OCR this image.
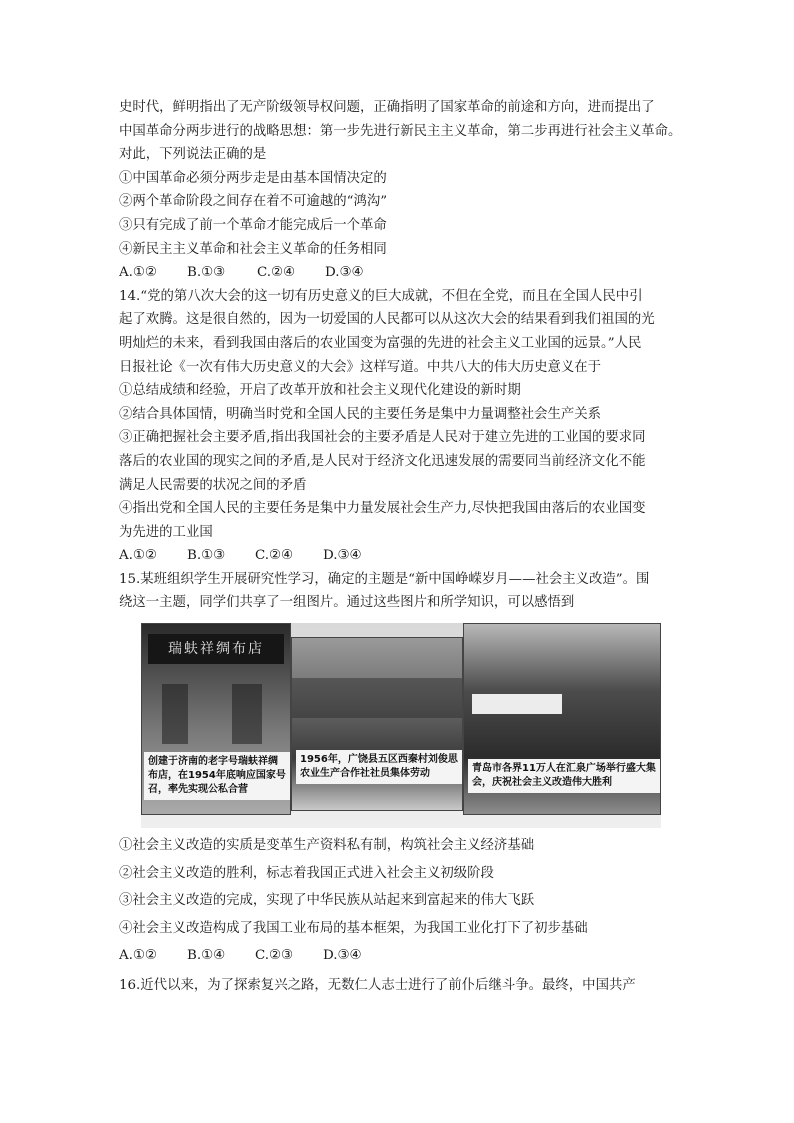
史时代，鲜明指出了无产阶级领导权问题，正确指明了国家革命的前途和方向，进而提出了
中国革命分两步进行的战略思想：第一步先进行新民主主义革命，第二步再进行社会主义革命。
对此，下列说法正确的是
①中国革命必须分两步走是由基本国情决定的
②两个革命阶段之间存在着不可逾越的“鸿沟”
③只有完成了前一个革命才能完成后一个革命
④新民主主义革命和社会主义革命的任务相同
A.①②	B.①③	C.②④	D.③④
14.“党的第八次大会的这一切有历史意义的巨大成就，不但在全党，而且在全国人民中引
起了欢腾。这是很自然的，因为一切爱国的人民都可以从这次大会的结果看到我们祖国的光
明灿烂的未来，看到我国由落后的农业国变为富强的先进的社会主义工业国的远景。”人民
日报社论《一次有伟大历史意义的大会》这样写道。中共八大的伟大历史意义在于
①总结成绩和经验，开启了改革开放和社会主义现代化建设的新时期
②结合具体国情，明确当时党和全国人民的主要任务是集中力量调整社会生产关系
③正确把握社会主要矛盾,指出我国社会的主要矛盾是人民对于建立先进的工业国的要求同
落后的农业国的现实之间的矛盾,是人民对于经济文化迅速发展的需要同当前经济文化不能
满足人民需要的状况之间的矛盾
④指出党和全国人民的主要任务是集中力量发展社会生产力,尽快把我国由落后的农业国变
为先进的工业国
A.①②	B.①③	C.②④	D.③④
15.某班组织学生开展研究性学习，确定的主题是“新中国峥嵘岁月——社会主义改造”。围
绕这一主题，同学们共享了一组图片。通过这些图片和所学知识，可以感悟到
瑞蚨祥绸布店
创建于济南的老字号瑞蚨祥绸布店，在1954年底响应国家号召，率先实现公私合营
1956年，广饶县五区西秦村刘俊思农业生产合作社社员集体劳动	青岛市各界11万人在汇泉广场举行盛大集会，庆祝社会主义改造伟大胜利
①社会主义改造的实质是变革生产资料私有制，构筑社会主义经济基础
②社会主义改造的胜利，标志着我国正式进入社会主义初级阶段
③社会主义改造的完成，实现了中华民族从站起来到富起来的伟大飞跃
④社会主义改造构成了我国工业布局的基本框架，为我国工业化打下了初步基础
A.①②	B.①④	C.②③	D.③④
16.近代以来，为了探索复兴之路，无数仁人志士进行了前仆后继斗争。最终，中国共产
